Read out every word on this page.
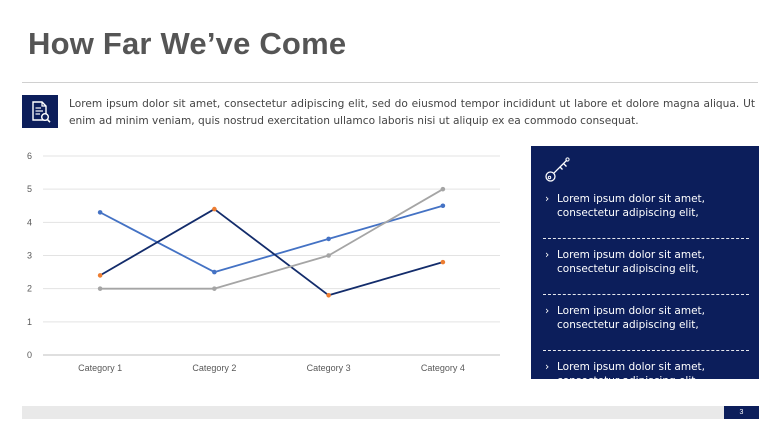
How Far We’ve Come
Lorem ipsum dolor sit amet, consectetur adipiscing elit, sed do eiusmod tempor incididunt ut labore et dolore magna aliqua. Ut enim ad minim veniam, quis nostrud exercitation ullamco laboris nisi ut aliquip ex ea commodo consequat.
0
1
2
3
4
5
6
Category 1	Category 2	Category 3	Category 4
› Lorem ipsum dolor sit amet, consectetur adipiscing elit,
› Lorem ipsum dolor sit amet, consectetur adipiscing elit,
› Lorem ipsum dolor sit amet, consectetur adipiscing elit,
› Lorem ipsum dolor sit amet, consectetur adipiscing elit,
3
